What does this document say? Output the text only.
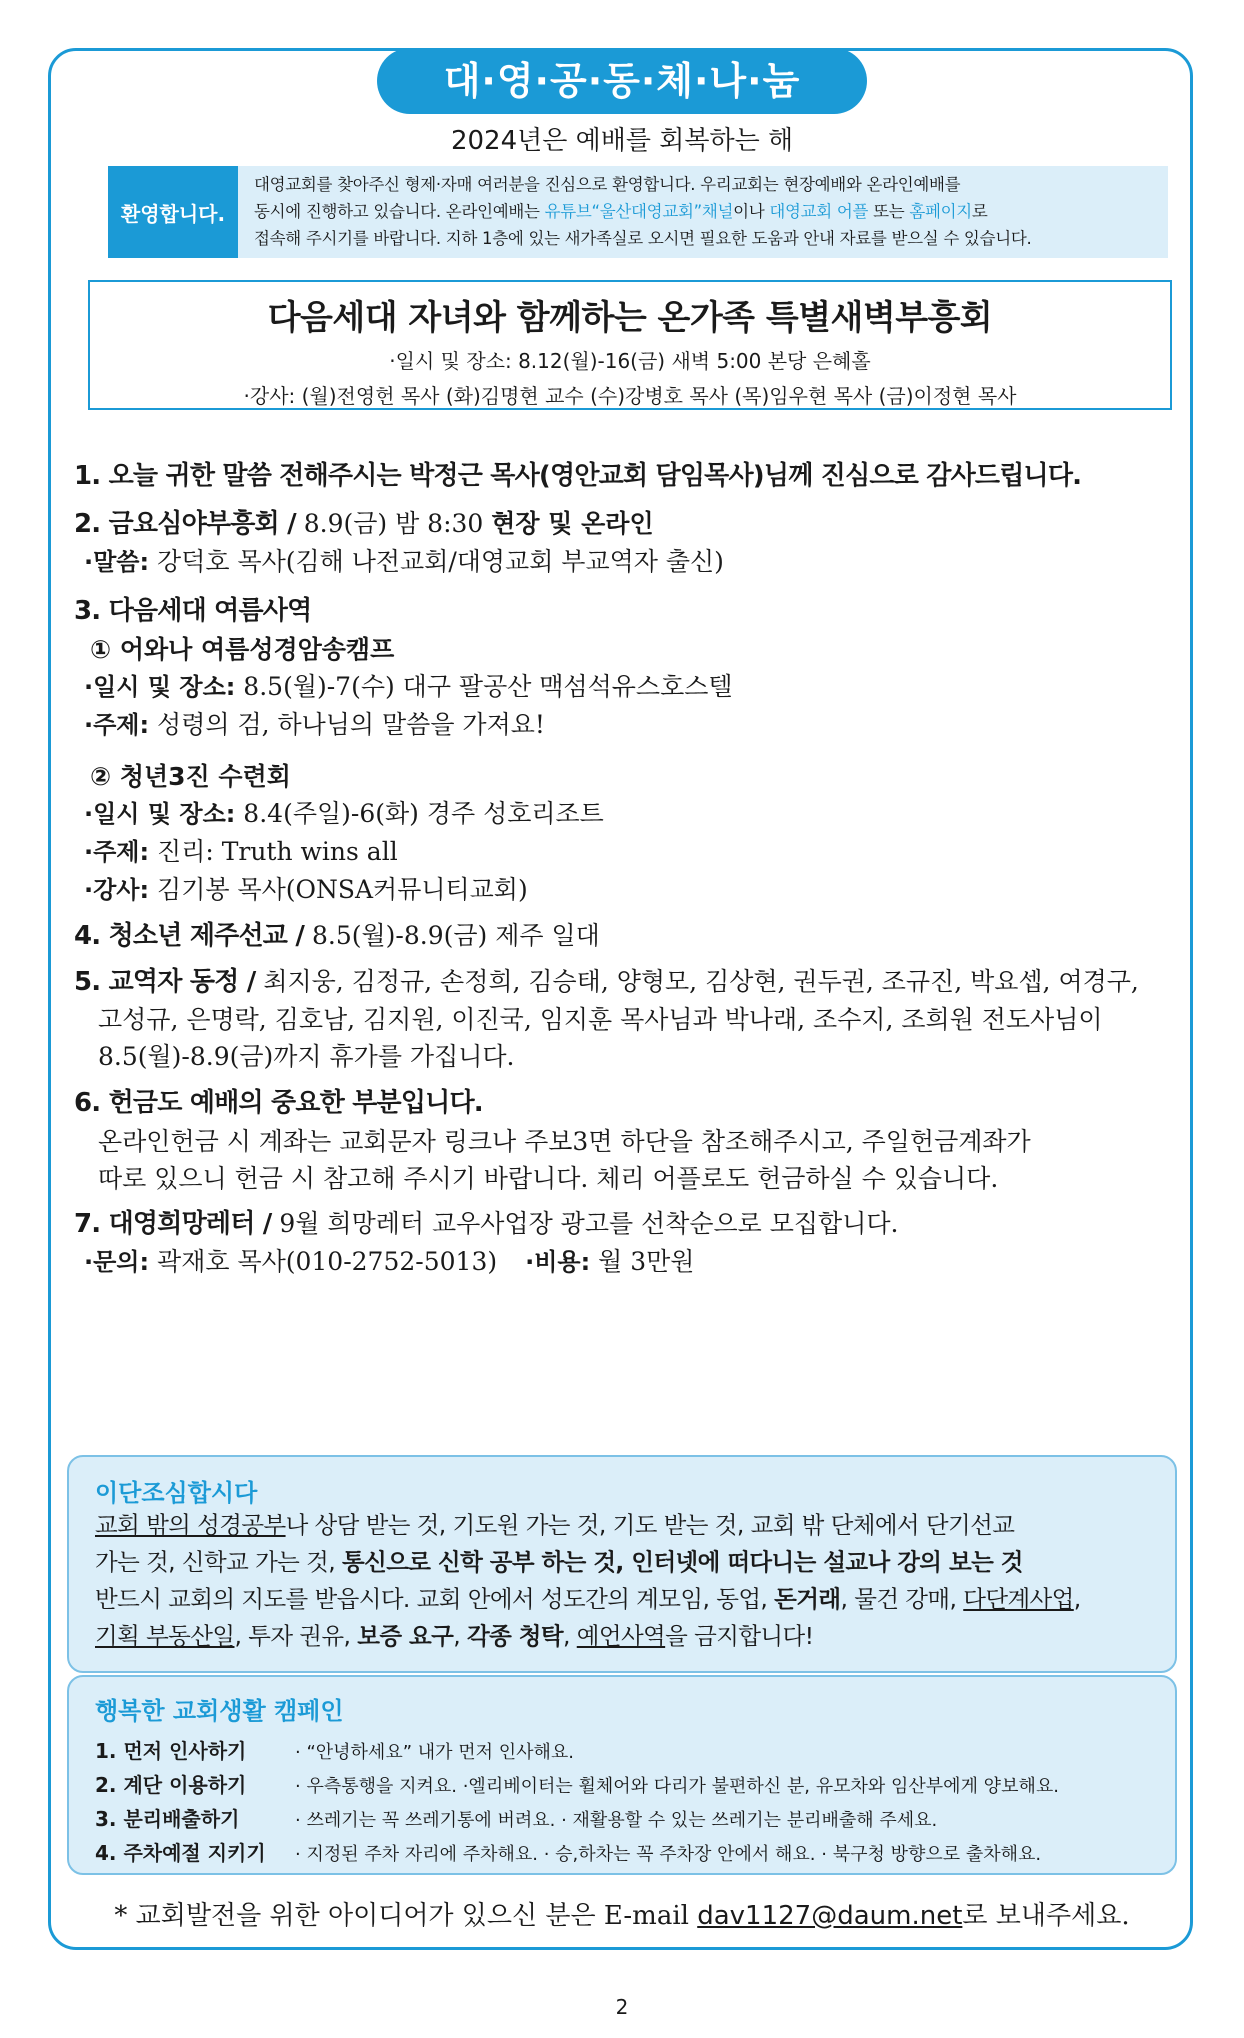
대·영·공·동·체·나·눔
2024년은 예배를 회복하는 해
환영합니다.
대영교회를 찾아주신 형제·자매 여러분을 진심으로 환영합니다. 우리교회는 현장예배와 온라인예배를
동시에 진행하고 있습니다. 온라인예배는 유튜브“울산대영교회”채널이나 대영교회 어플 또는 홈페이지로
접속해 주시기를 바랍니다. 지하 1층에 있는 새가족실로 오시면 필요한 도움과 안내 자료를 받으실 수 있습니다.
다음세대 자녀와 함께하는 온가족 특별새벽부흥회
·일시 및 장소: 8.12(월)-16(금) 새벽 5:00 본당 은혜홀
·강사: (월)전영헌 목사 (화)김명현 교수 (수)강병호 목사 (목)임우현 목사 (금)이정현 목사
1. 오늘 귀한 말씀 전해주시는 박정근 목사(영안교회 담임목사)님께 진심으로 감사드립니다.
2. 금요심야부흥회 / 8.9(금) 밤 8:30 현장 및 온라인
·말씀: 강덕호 목사(김해 나전교회/대영교회 부교역자 출신)
3. 다음세대 여름사역
① 어와나 여름성경암송캠프
·일시 및 장소: 8.5(월)-7(수) 대구 팔공산 맥섬석유스호스텔
·주제: 성령의 검, 하나님의 말씀을 가져요!
② 청년3진 수련회
·일시 및 장소: 8.4(주일)-6(화) 경주 성호리조트
·주제: 진리: Truth wins all
·강사: 김기봉 목사(ONSA커뮤니티교회)
4. 청소년 제주선교 / 8.5(월)-8.9(금) 제주 일대
5. 교역자 동정 / 최지웅, 김정규, 손정희, 김승태, 양형모, 김상현, 권두권, 조규진, 박요셉, 여경구,
고성규, 은명락, 김호남, 김지원, 이진국, 임지훈 목사님과 박나래, 조수지, 조희원 전도사님이
8.5(월)-8.9(금)까지 휴가를 가집니다.
6. 헌금도 예배의 중요한 부분입니다.
온라인헌금 시 계좌는 교회문자 링크나 주보3면 하단을 참조해주시고, 주일헌금계좌가
따로 있으니 헌금 시 참고해 주시기 바랍니다. 체리 어플로도 헌금하실 수 있습니다.
7. 대영희망레터 / 9월 희망레터 교우사업장 광고를 선착순으로 모집합니다.
·문의: 곽재호 목사(010-2752-5013) ·비용: 월 3만원
이단조심합시다
교회 밖의 성경공부나 상담 받는 것, 기도원 가는 것, 기도 받는 것, 교회 밖 단체에서 단기선교
가는 것, 신학교 가는 것, 통신으로 신학 공부 하는 것, 인터넷에 떠다니는 설교나 강의 보는 것
반드시 교회의 지도를 받읍시다. 교회 안에서 성도간의 계모임, 동업, 돈거래, 물건 강매, 다단계사업,
기획 부동산일, 투자 권유, 보증 요구, 각종 청탁, 예언사역을 금지합니다!
행복한 교회생활 캠페인
1. 먼저 인사하기	· “안녕하세요” 내가 먼저 인사해요.
2. 계단 이용하기	· 우측통행을 지켜요. ·엘리베이터는 휠체어와 다리가 불편하신 분, 유모차와 임산부에게 양보해요.
3. 분리배출하기	· 쓰레기는 꼭 쓰레기통에 버려요. · 재활용할 수 있는 쓰레기는 분리배출해 주세요.
4. 주차예절 지키기 · 지정된 주차 자리에 주차해요. · 승,하차는 꼭 주차장 안에서 해요. · 북구청 방향으로 출차해요.
* 교회발전을 위한 아이디어가 있으신 분은 E-mail dav1127@daum.net로 보내주세요.
2
